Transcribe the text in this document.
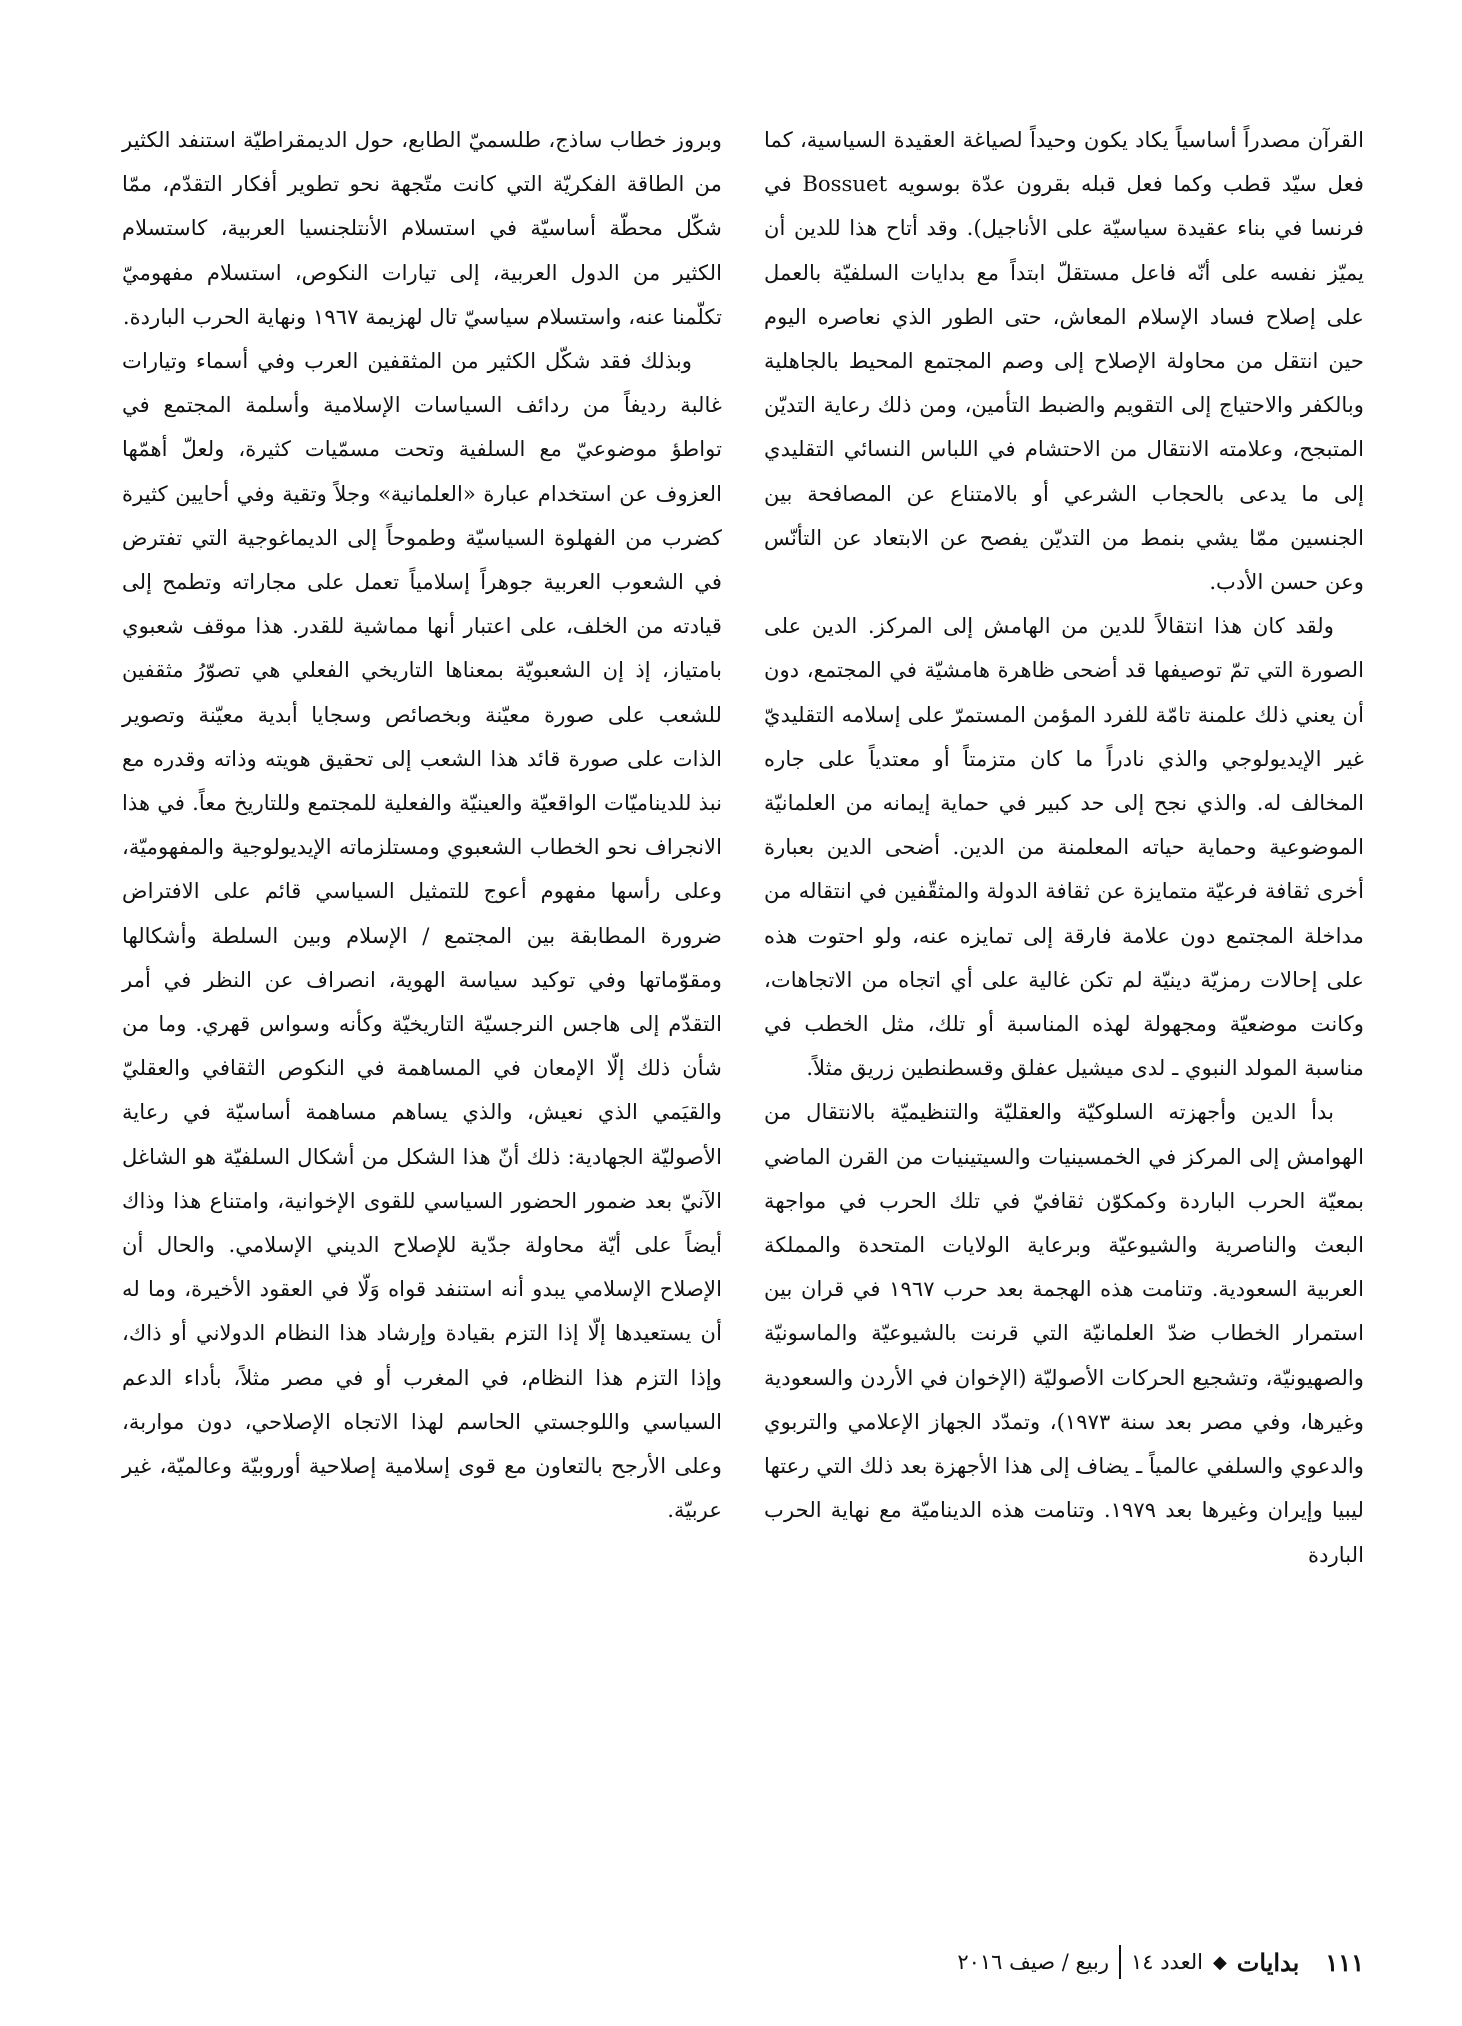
القرآن مصدراً أساسياً يكاد يكون وحيداً لصياغة العقيدة السياسية، كما فعل سيّد قطب وكما فعل قبله بقرون عدّة بوسويه Bossuet في فرنسا في بناء عقيدة سياسيّة على الأناجيل). وقد أتاح هذا للدين أن يميّز نفسه على أنّه فاعل مستقلّ ابتداً مع بدايات السلفيّة بالعمل على إصلاح فساد الإسلام المعاش، حتى الطور الذي نعاصره اليوم حين انتقل من محاولة الإصلاح إلى وصم المجتمع المحيط بالجاهلية وبالكفر والاحتياج إلى التقويم والضبط التأمين، ومن ذلك رعاية التديّن المتبجح، وعلامته الانتقال من الاحتشام في اللباس النسائي التقليدي إلى ما يدعى بالحجاب الشرعي أو بالامتناع عن المصافحة بين الجنسين ممّا يشي بنمط من التديّن يفصح عن الابتعاد عن التأنّس وعن حسن الأدب.

ولقد كان هذا انتقالاً للدين من الهامش إلى المركز. الدين على الصورة التي تمّ توصيفها قد أضحى ظاهرة هامشيّة في المجتمع، دون أن يعني ذلك علمنة تامّة للفرد المؤمن المستمرّ على إسلامه التقليديّ غير الإيديولوجي والذي نادراً ما كان متزمتاً أو معتدياً على جاره المخالف له. والذي نجح إلى حد كبير في حماية إيمانه من العلمانيّة الموضوعية وحماية حياته المعلمنة من الدين. أضحى الدين بعبارة أخرى ثقافة فرعيّة متمايزة عن ثقافة الدولة والمثقّفين في انتقاله من مداخلة المجتمع دون علامة فارقة إلى تمايزه عنه، ولو احتوت هذه على إحالات رمزيّة دينيّة لم تكن غالية على أي اتجاه من الاتجاهات، وكانت موضعيّة ومجهولة لهذه المناسبة أو تلك، مثل الخطب في مناسبة المولد النبوي ـ لدى ميشيل عفلق وقسطنطين زريق مثلاً.

بدأ الدين وأجهزته السلوكيّة والعقليّة والتنظيميّة بالانتقال من الهوامش إلى المركز في الخمسينيات والسيتينيات من القرن الماضي بمعيّة الحرب الباردة وكمكوّن ثقافيّ في تلك الحرب في مواجهة البعث والناصرية والشيوعيّة وبرعاية الولايات المتحدة والمملكة العربية السعودية. وتنامت هذه الهجمة بعد حرب ١٩٦٧ في قران بين استمرار الخطاب ضدّ العلمانيّة التي قرنت بالشيوعيّة والماسونيّة والصهيونيّة، وتشجيع الحركات الأصوليّة (الإخوان في الأردن والسعودية وغيرها، وفي مصر بعد سنة ١٩٧٣)، وتمدّد الجهاز الإعلامي والتربوي والدعوي والسلفي عالمياً ـ يضاف إلى هذا الأجهزة بعد ذلك التي رعتها ليبيا وإيران وغيرها بعد ١٩٧٩. وتنامت هذه الديناميّة مع نهاية الحرب الباردة

وبروز خطاب ساذج، طلسميّ الطابع، حول الديمقراطيّة استنفد الكثير من الطاقة الفكريّة التي كانت متّجهة نحو تطوير أفكار التقدّم، ممّا شكّل محطّة أساسيّة في استسلام الأنتلجنسيا العربية، كاستسلام الكثير من الدول العربية، إلى تيارات النكوص، استسلام مفهوميّ تكلّمنا عنه، واستسلام سياسيّ تال لهزيمة ١٩٦٧ ونهاية الحرب الباردة.

وبذلك فقد شكّل الكثير من المثقفين العرب وفي أسماء وتيارات غالبة رديفاً من ردائف السياسات الإسلامية وأسلمة المجتمع في تواطؤ موضوعيّ مع السلفية وتحت مسمّيات كثيرة، ولعلّ أهمّها العزوف عن استخدام عبارة «العلمانية» وجلاً وتقية وفي أحايين كثيرة كضرب من الفهلوة السياسيّة وطموحاً إلى الديماغوجية التي تفترض في الشعوب العربية جوهراً إسلامياً تعمل على مجاراته وتطمح إلى قيادته من الخلف، على اعتبار أنها مماشية للقدر. هذا موقف شعبوي بامتياز، إذ إن الشعبويّة بمعناها التاريخي الفعلي هي تصوّرُ مثقفين للشعب على صورة معيّنة وبخصائص وسجايا أبدية معيّنة وتصوير الذات على صورة قائد هذا الشعب إلى تحقيق هويته وذاته وقدره مع نبذ للديناميّات الواقعيّة والعينيّة والفعلية للمجتمع وللتاريخ معاً. في هذا الانجراف نحو الخطاب الشعبوي ومستلزماته الإيديولوجية والمفهوميّة، وعلى رأسها مفهوم أعوج للتمثيل السياسي قائم على الافتراض ضرورة المطابقة بين المجتمع / الإسلام وبين السلطة وأشكالها ومقوّماتها وفي توكيد سياسة الهوية، انصراف عن النظر في أمر التقدّم إلى هاجس النرجسيّة التاريخيّة وكأنه وسواس قهري. وما من شأن ذلك إلّا الإمعان في المساهمة في النكوص الثقافي والعقليّ والقيَمي الذي نعيش، والذي يساهم مساهمة أساسيّة في رعاية الأصوليّة الجهادية: ذلك أنّ هذا الشكل من أشكال السلفيّة هو الشاغل الآنيّ بعد ضمور الحضور السياسي للقوى الإخوانية، وامتناع هذا وذاك أيضاً على أيّة محاولة جدّية للإصلاح الديني الإسلامي. والحال أن الإصلاح الإسلامي يبدو أنه استنفد قواه وَلّا في العقود الأخيرة، وما له أن يستعيدها إلّا إذا التزم بقيادة وإرشاد هذا النظام الدولاني أو ذاك، وإذا التزم هذا النظام، في المغرب أو في مصر مثلاً، بأداء الدعم السياسي واللوجستي الحاسم لهذا الاتجاه الإصلاحي، دون مواربة، وعلى الأرجح بالتعاون مع قوى إسلامية إصلاحية أوروبيّة وعالميّة، غير عربيّة.

١١١
بدايات
◆
العدد ١٤
ربيع / صيف ٢٠١٦
